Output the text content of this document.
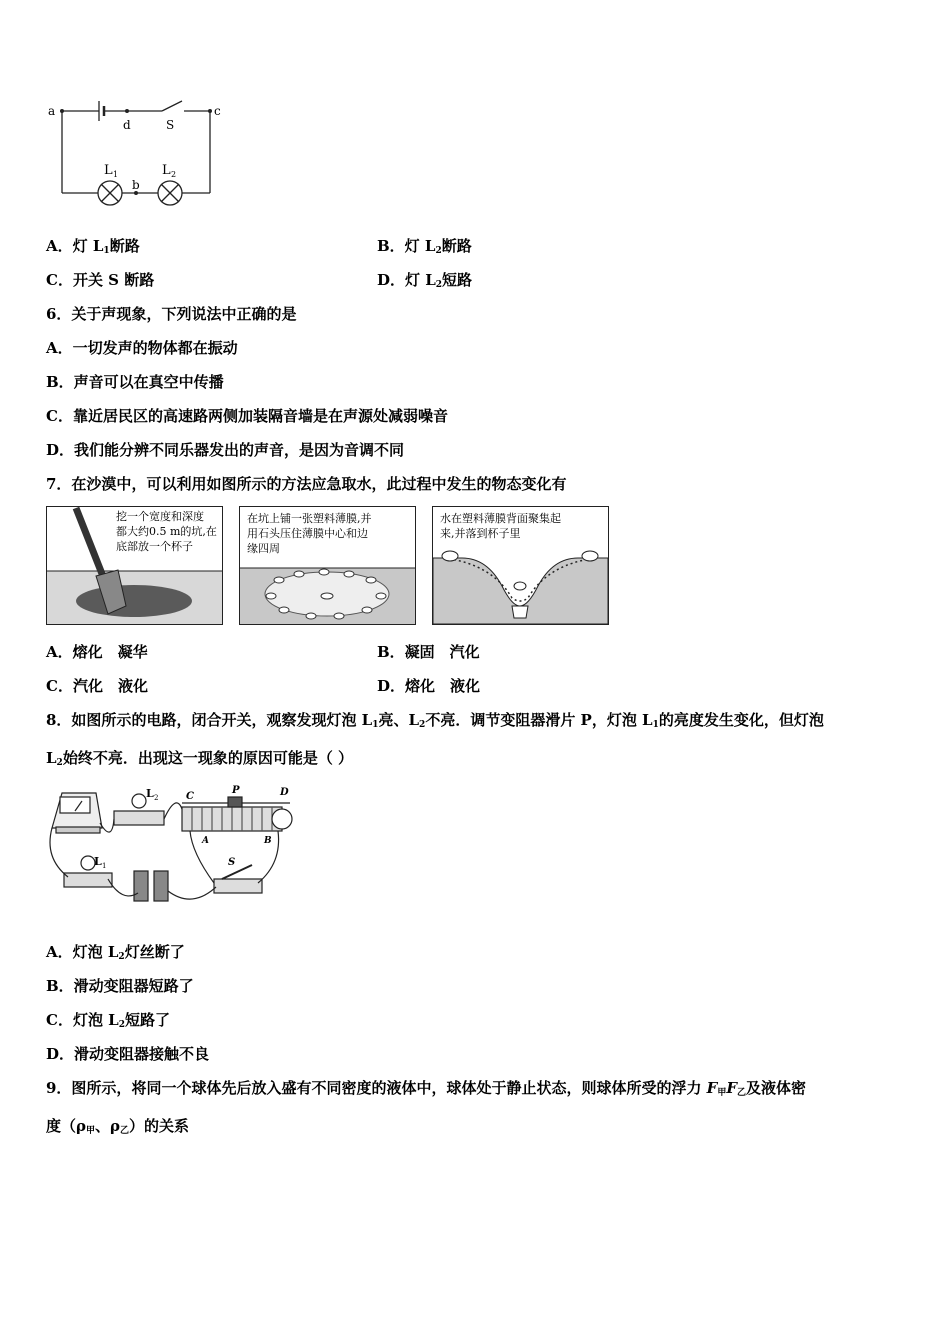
a	c
d	S
b
L 1	L 2
A．灯 $L_1$断路	B．灯 $L_2$断路
C．开关 S 断路	D．灯 $L_2$短路
6．关于声现象，下列说法中正确的是
A．一切发声的物体都在振动
B．声音可以在真空中传播
C．靠近居民区的高速路两侧加装隔音墙是在声源处减弱噪音
D．我们能分辨不同乐器发出的声音，是因为音调不同
7．在沙漠中，可以利用如图所示的方法应急取水，此过程中发生的物态变化有
挖一个宽度和深度
都大约0.5 m的坑,在
底部放一个杯子
在坑上铺一张塑料薄膜,并
用石头压住薄膜中心和边
缘四周
水在塑料薄膜背面聚集起
来,并落到杯子里
A．熔化　凝华	B．凝固　汽化
C．汽化　液化	D．熔化　液化
8．如图所示的电路，闭合开关，观察发现灯泡 $L_1$亮、$L_2$不亮．调节变阻器滑片 P，灯泡 $L_1$的亮度发生变化，但灯泡
$L_2$始终不亮．出现这一现象的原因可能是（ ）
L 2
L 1
C
P	D
A	B
S
A．灯泡 $L_2$灯丝断了
B．滑动变阻器短路了
C．灯泡 $L_2$短路了
D．滑动变阻器接触不良
9．图所示，将同一个球体先后放入盛有不同密度的液体中，球体处于静止状态，则球体所受的浮力 $F_甲F_乙$及液体密
度（$\rho_甲$、$\rho_乙$）的关系
